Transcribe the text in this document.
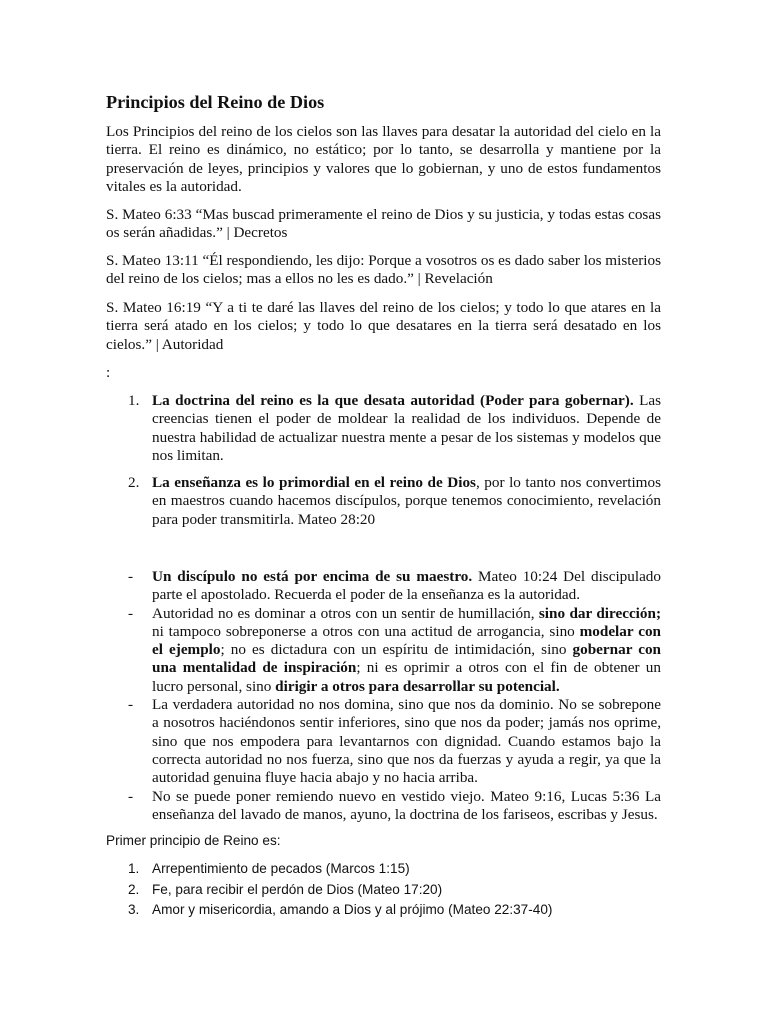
Principios del Reino de Dios

Los Principios del reino de los cielos son las llaves para desatar la autoridad del cielo en la tierra. El reino es dinámico, no estático; por lo tanto, se desarrolla y mantiene por la preservación de leyes, principios y valores que lo gobiernan, y uno de estos fundamentos vitales es la autoridad.

S. Mateo 6:33 “Mas buscad primeramente el reino de Dios y su justicia, y todas estas cosas os serán añadidas.” | Decretos

S. Mateo 13:11 “Él respondiendo, les dijo: Porque a vosotros os es dado saber los misterios del reino de los cielos; mas a ellos no les es dado.” | Revelación

S. Mateo 16:19 “Y a ti te daré las llaves del reino de los cielos; y todo lo que atares en la tierra será atado en los cielos; y todo lo que desatares en la tierra será desatado en los cielos.” | Autoridad

:

1. La doctrina del reino es la que desata autoridad (Poder para gobernar). Las creencias tienen el poder de moldear la realidad de los individuos. Depende de nuestra habilidad de actualizar nuestra mente a pesar de los sistemas y modelos que nos limitan.
2. La enseñanza es lo primordial en el reino de Dios, por lo tanto nos convertimos en maestros cuando hacemos discípulos, porque tenemos conocimiento, revelación para poder transmitirla. Mateo 28:20
- Un discípulo no está por encima de su maestro. Mateo 10:24 Del discipulado parte el apostolado. Recuerda el poder de la enseñanza es la autoridad.
- Autoridad no es dominar a otros con un sentir de humillación, sino dar dirección; ni tampoco sobreponerse a otros con una actitud de arrogancia, sino modelar con el ejemplo; no es dictadura con un espíritu de intimidación, sino gobernar con una mentalidad de inspiración; ni es oprimir a otros con el fin de obtener un lucro personal, sino dirigir a otros para desarrollar su potencial.
- La verdadera autoridad no nos domina, sino que nos da dominio. No se sobrepone a nosotros haciéndonos sentir inferiores, sino que nos da poder; jamás nos oprime, sino que nos empodera para levantarnos con dignidad. Cuando estamos bajo la correcta autoridad no nos fuerza, sino que nos da fuerzas y ayuda a regir, ya que la autoridad genuina fluye hacia abajo y no hacia arriba.
- No se puede poner remiendo nuevo en vestido viejo. Mateo 9:16, Lucas 5:36 La enseñanza del lavado de manos, ayuno, la doctrina de los fariseos, escribas y Jesus.

Primer principio de Reino es:

1. Arrepentimiento de pecados (Marcos 1:15)
2. Fe, para recibir el perdón de Dios (Mateo 17:20)
3. Amor y misericordia, amando a Dios y al prójimo (Mateo 22:37-40)
